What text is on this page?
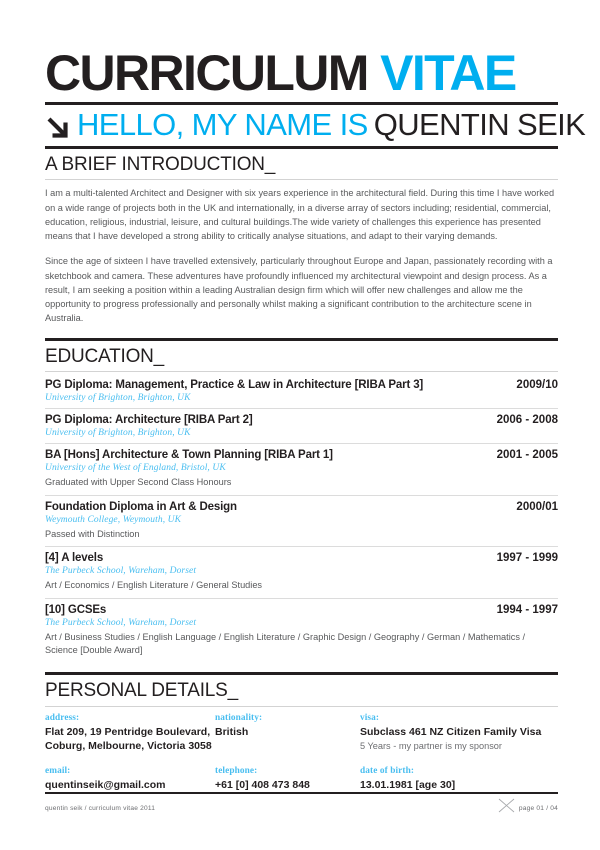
CURRICULUM VITAE
HELLO, MY NAME IS QUENTIN SEIK
A BRIEF INTRODUCTION_

I am a multi-talented Architect and Designer with six years experience in the architectural field. During this time I have worked on a wide range of projects both in the UK and internationally, in a diverse array of sectors including; residential, commercial, education, religious, industrial, leisure, and cultural buildings.The wide variety of challenges this experience has presented means that I have developed a strong ability to critically analyse situations, and adapt to their varying demands.

Since the age of sixteen I have travelled extensively, particularly throughout Europe and Japan, passionately recording with a sketchbook and camera. These adventures have profoundly influenced my architectural viewpoint and design process. As a result, I am seeking a position within a leading Australian design firm which will offer new challenges and allow me the opportunity to progress professionally and personally whilst making a significant contribution to the architecture scene in Australia.

EDUCATION_
PG Diploma: Management, Practice & Law in Architecture [RIBA Part 3]	2009/10
University of Brighton, Brighton, UK
PG Diploma: Architecture [RIBA Part 2]	2006 - 2008
University of Brighton, Brighton, UK
BA [Hons] Architecture & Town Planning [RIBA Part 1]	2001 - 2005
University of the West of England, Bristol, UK
Graduated with Upper Second Class Honours
Foundation Diploma in Art & Design	2000/01
Weymouth College, Weymouth, UK
Passed with Distinction
[4] A levels	1997 - 1999
The Purbeck School, Wareham, Dorset
Art / Economics / English Literature / General Studies
[10] GCSEs	1994 - 1997
The Purbeck School, Wareham, Dorset
Art / Business Studies / English Language / English Literature / Graphic Design / Geography / German / Mathematics / Science [Double Award]
PERSONAL DETAILS_
address:
Flat 209, 19 Pentridge Boulevard, Coburg, Melbourne, Victoria 3058
nationality:
British
visa:
Subclass 461 NZ Citizen Family Visa
5 Years - my partner is my sponsor
email:
quentinseik@gmail.com
telephone:
+61 [0] 408 473 848
date of birth:
13.01.1981 [age 30]
quentin seik / curriculum vitae 2011	page 01 / 04
